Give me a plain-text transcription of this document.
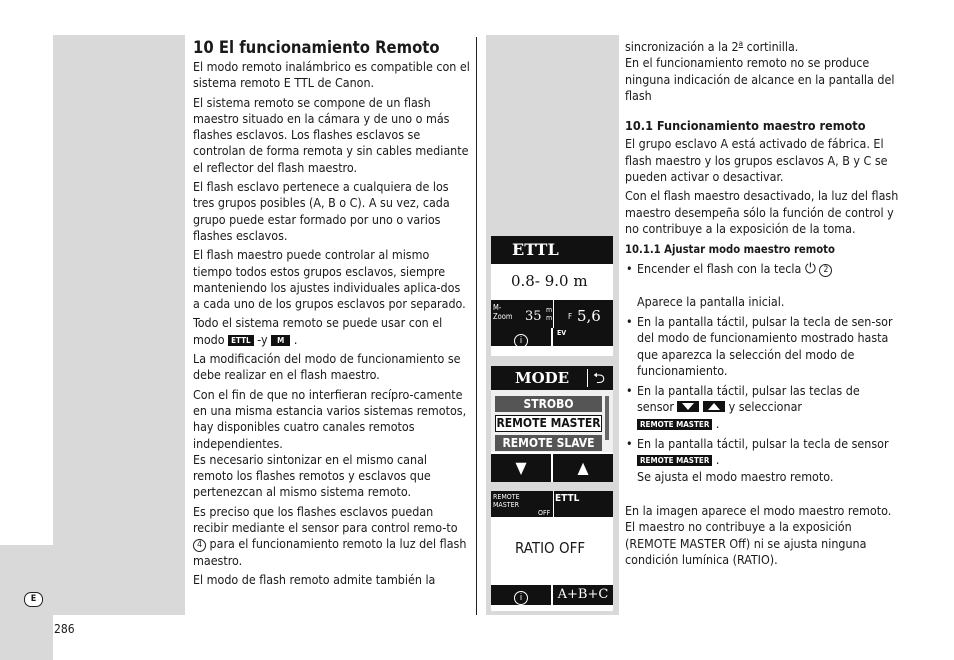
E
286
10 El funcionamiento Remoto

El modo remoto inalámbrico es compatible con el sistema remoto E TTL de Canon.

El sistema remoto se compone de un flash maestro situado en la cámara y de uno o más flashes esclavos. Los flashes esclavos se controlan de forma remota y sin cables mediante el reflector del flash maestro.

El flash esclavo pertenece a cualquiera de los tres grupos posibles (A, B o C). A su vez, cada grupo puede estar formado por uno o varios flashes esclavos.

El flash maestro puede controlar al mismo tiempo todos estos grupos esclavos, siempre manteniendo los ajustes individuales aplica-dos a cada uno de los grupos esclavos por separado.

Todo el sistema remoto se puede usar con el modo ETTL -y M .

La modificación del modo de funcionamiento se debe realizar en el flash maestro.

Con el fin de que no interfieran recípro-camente en una misma estancia varios sistemas remotos, hay disponibles cuatro canales remotos independientes.

Es necesario sintonizar en el mismo canal remoto los flashes remotos y esclavos que pertenezcan al mismo sistema remoto.

Es preciso que los flashes esclavos puedan recibir mediante el sensor para control remo-to 4 para el funcionamiento remoto la luz del flash maestro.

El modo de flash remoto admite también la

ETTL
0.8- 9.0 m
M-
Zoom 35 m
m F 5,6
i
EV
MODE ⮌
STROBO
REMOTE MASTER
REMOTE SLAVE
▼	▲
REMOTE
MASTER
OFF
ETTL
RATIO OFF
i	A+B+C

sincronización a la 2$^a$ cortinilla.

En el funcionamiento remoto no se produce ninguna indicación de alcance en la pantalla del flash

10.1 Funcionamiento maestro remoto

El grupo esclavo A está activado de fábrica. El flash maestro y los grupos esclavos A, B y C se pueden activar o desactivar.

Con el flash maestro desactivado, la luz del flash maestro desempeña sólo la función de control y no contribuye a la exposición de la toma.

10.1.1 Ajustar modo maestro remoto
• Encender el flash con la tecla ⏻ 2

Aparece la pantalla inicial.
• En la pantalla táctil, pulsar la tecla de sen-sor del modo de funcionamiento mostrado hasta que aparezca la selección del modo de funcionamiento.
• En la pantalla táctil, pulsar las teclas de sensor	y seleccionar
REMOTE MASTER .
• En la pantalla táctil, pulsar la tecla de sensor REMOTE MASTER .
Se ajusta el modo maestro remoto.

En la imagen aparece el modo maestro remoto. El maestro no contribuye a la exposición (REMOTE MASTER Off) ni se ajusta ninguna condición lumínica (RATIO).
